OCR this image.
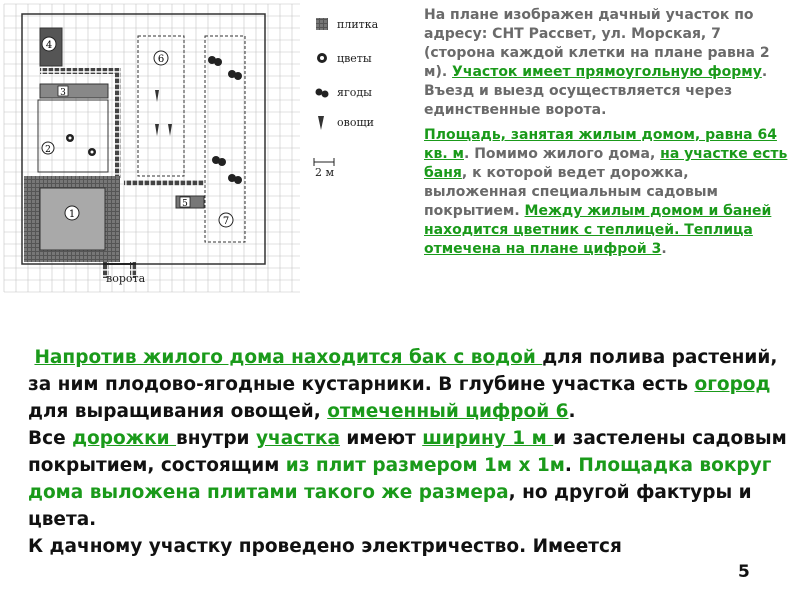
1
4
3
2
6
7
5
ворота
плитка
цветы
ягоды
овощи
2 м

На плане изображен дачный участок по адресу: СНТ Рассвет, ул. Морская, 7 (сторона каждой клетки на плане равна 2 м). Участок имеет прямоугольную форму. Въезд и выезд осуществляется через единственные ворота.

Площадь, занятая жилым домом, равна 64 кв. м. Помимо жилого дома, на участке есть баня, к которой ведет дорожка, выложенная специальным садовым покрытием. Между жилым домом и баней находится цветник с теплицей. Теплица отмечена на плане цифрой 3.

Напротив жилого дома находится бак с водой для полива растений, за ним плодово-ягодные кустарники. В глубине участка есть огород для выращивания овощей, отмеченный цифрой 6.
Все дорожки внутри участка имеют ширину 1 м и застелены садовым покрытием, состоящим из плит размером 1м х 1м. Площадка вокруг дома выложена плитами такого же размера, но другой фактуры и цвета.
К дачному участку проведено электричество. Имеется

5
